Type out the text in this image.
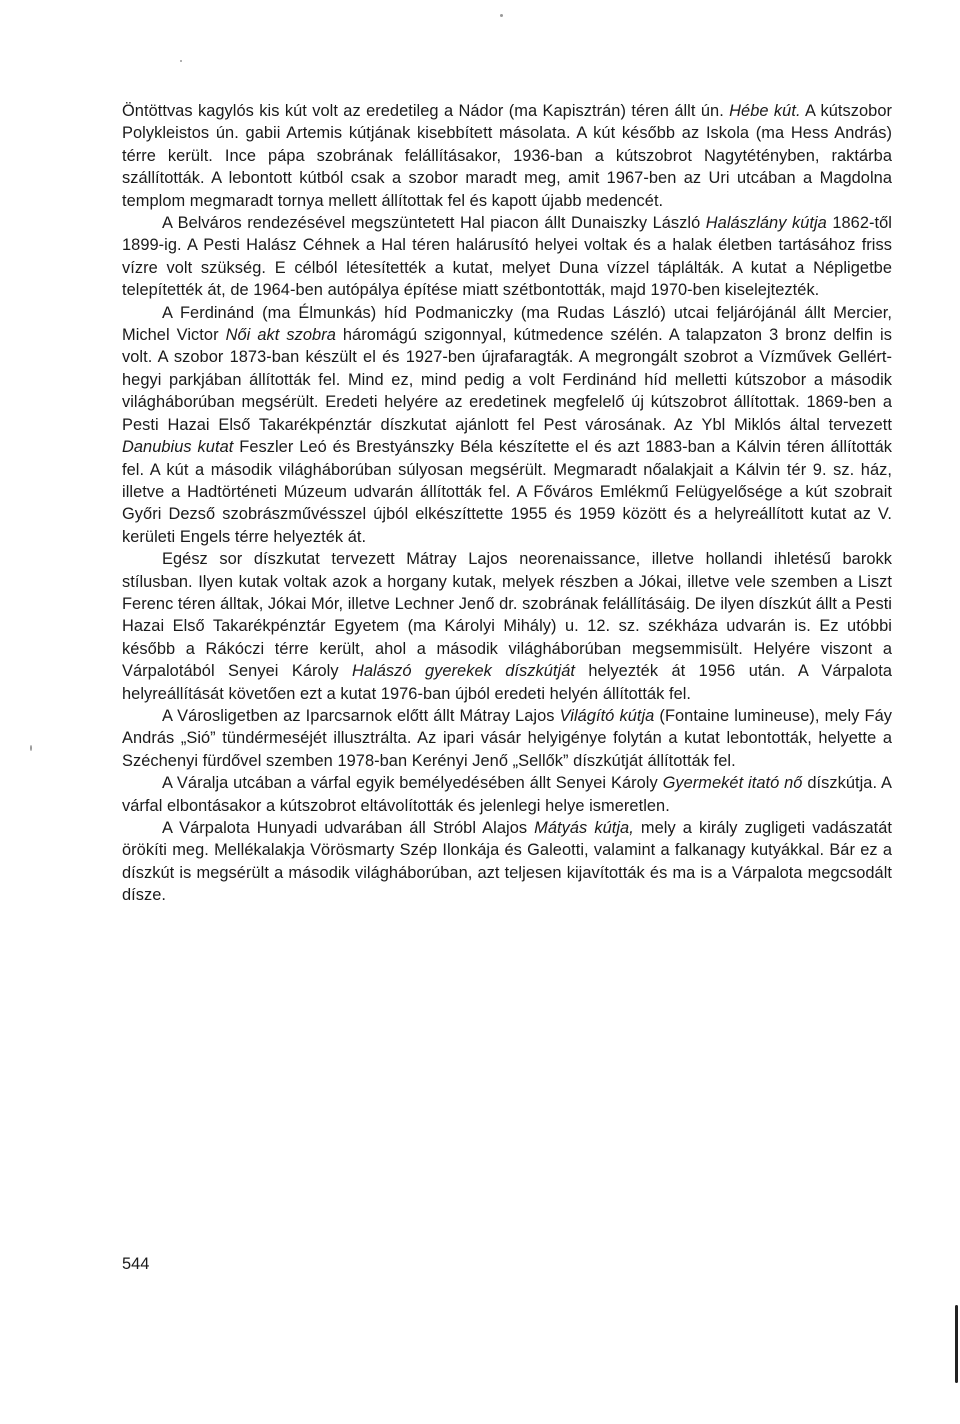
Öntöttvas kagylós kis kút volt az eredetileg a Nádor (ma Kapisztrán) téren állt ún. Hébe kút. A kútszobor Polykleistos ún. gabii Artemis kútjának kisebbített másolata. A kút később az Iskola (ma Hess András) térre került. Ince pápa szobrának felállításakor, 1936-ban a kútszobrot Nagytétényben, raktárba szállították. A lebontott kútból csak a szobor maradt meg, amit 1967-ben az Uri utcában a Magdolna templom megmaradt tornya mellett állítottak fel és kapott újabb medencét.

A Belváros rendezésével megszüntetett Hal piacon állt Dunaiszky László Halászlány kútja 1862-től 1899-ig. A Pesti Halász Céhnek a Hal téren halárusító helyei voltak és a halak életben tartásához friss vízre volt szükség. E célból létesítették a kutat, melyet Duna vízzel táplálták. A kutat a Népligetbe telepítették át, de 1964-ben autópálya építése miatt szétbontották, majd 1970-ben kiselejtezték.

A Ferdinánd (ma Élmunkás) híd Podmaniczky (ma Rudas László) utcai feljárójánál állt Mercier, Michel Victor Női akt szobra háromágú szigonnyal, kútmedence szélén. A talapzaton 3 bronz delfin is volt. A szobor 1873-ban készült el és 1927-ben újrafaragták. A megrongált szobrot a Vízművek Gellért-hegyi parkjában állították fel. Mind ez, mind pedig a volt Ferdinánd híd melletti kútszobor a második világháborúban megsérült. Eredeti helyére az eredetinek megfelelő új kútszobrot állítottak. 1869-ben a Pesti Hazai Első Takarékpénztár díszkutat ajánlott fel Pest városának. Az Ybl Miklós által tervezett Danubius kutat Feszler Leó és Brestyánszky Béla készítette el és azt 1883-ban a Kálvin téren állították fel. A kút a második világháborúban súlyosan megsérült. Megmaradt nőalakjait a Kálvin tér 9. sz. ház, illetve a Hadtörténeti Múzeum udvarán állították fel. A Főváros Emlékmű Felügyelősége a kút szobrait Győri Dezső szobrászművésszel újból elkészíttette 1955 és 1959 között és a helyreállított kutat az V. kerületi Engels térre helyezték át.

Egész sor díszkutat tervezett Mátray Lajos neorenaissance, illetve hollandi ihletésű barokk stílusban. Ilyen kutak voltak azok a horgany kutak, melyek részben a Jókai, illetve vele szemben a Liszt Ferenc téren álltak, Jókai Mór, illetve Lechner Jenő dr. szobrának felállításáig. De ilyen díszkút állt a Pesti Hazai Első Takarékpénztár Egyetem (ma Károlyi Mihály) u. 12. sz. székháza udvarán is. Ez utóbbi később a Rákóczi térre került, ahol a második világháborúban megsemmisült. Helyére viszont a Várpalotából Senyei Károly Halászó gyerekek díszkútját helyezték át 1956 után. A Várpalota helyreállítását követően ezt a kutat 1976-ban újból eredeti helyén állították fel.

A Városligetben az Iparcsarnok előtt állt Mátray Lajos Világító kútja (Fontaine lumineuse), mely Fáy András „Sió” tündérmeséjét illusztrálta. Az ipari vásár helyigénye folytán a kutat lebontották, helyette a Széchenyi fürdővel szemben 1978-ban Kerényi Jenő „Sellők” díszkútját állították fel.

A Váralja utcában a várfal egyik bemélyedésében állt Senyei Károly Gyermekét itató nő díszkútja. A várfal elbontásakor a kútszobrot eltávolították és jelenlegi helye ismeretlen.

A Várpalota Hunyadi udvarában áll Stróbl Alajos Mátyás kútja, mely a király zugligeti vadászatát örökíti meg. Mellékalakja Vörösmarty Szép Ilonkája és Galeotti, valamint a falkanagy kutyákkal. Bár ez a díszkút is megsérült a második világháborúban, azt teljesen kijavították és ma is a Várpalota megcsodált dísze.

544
